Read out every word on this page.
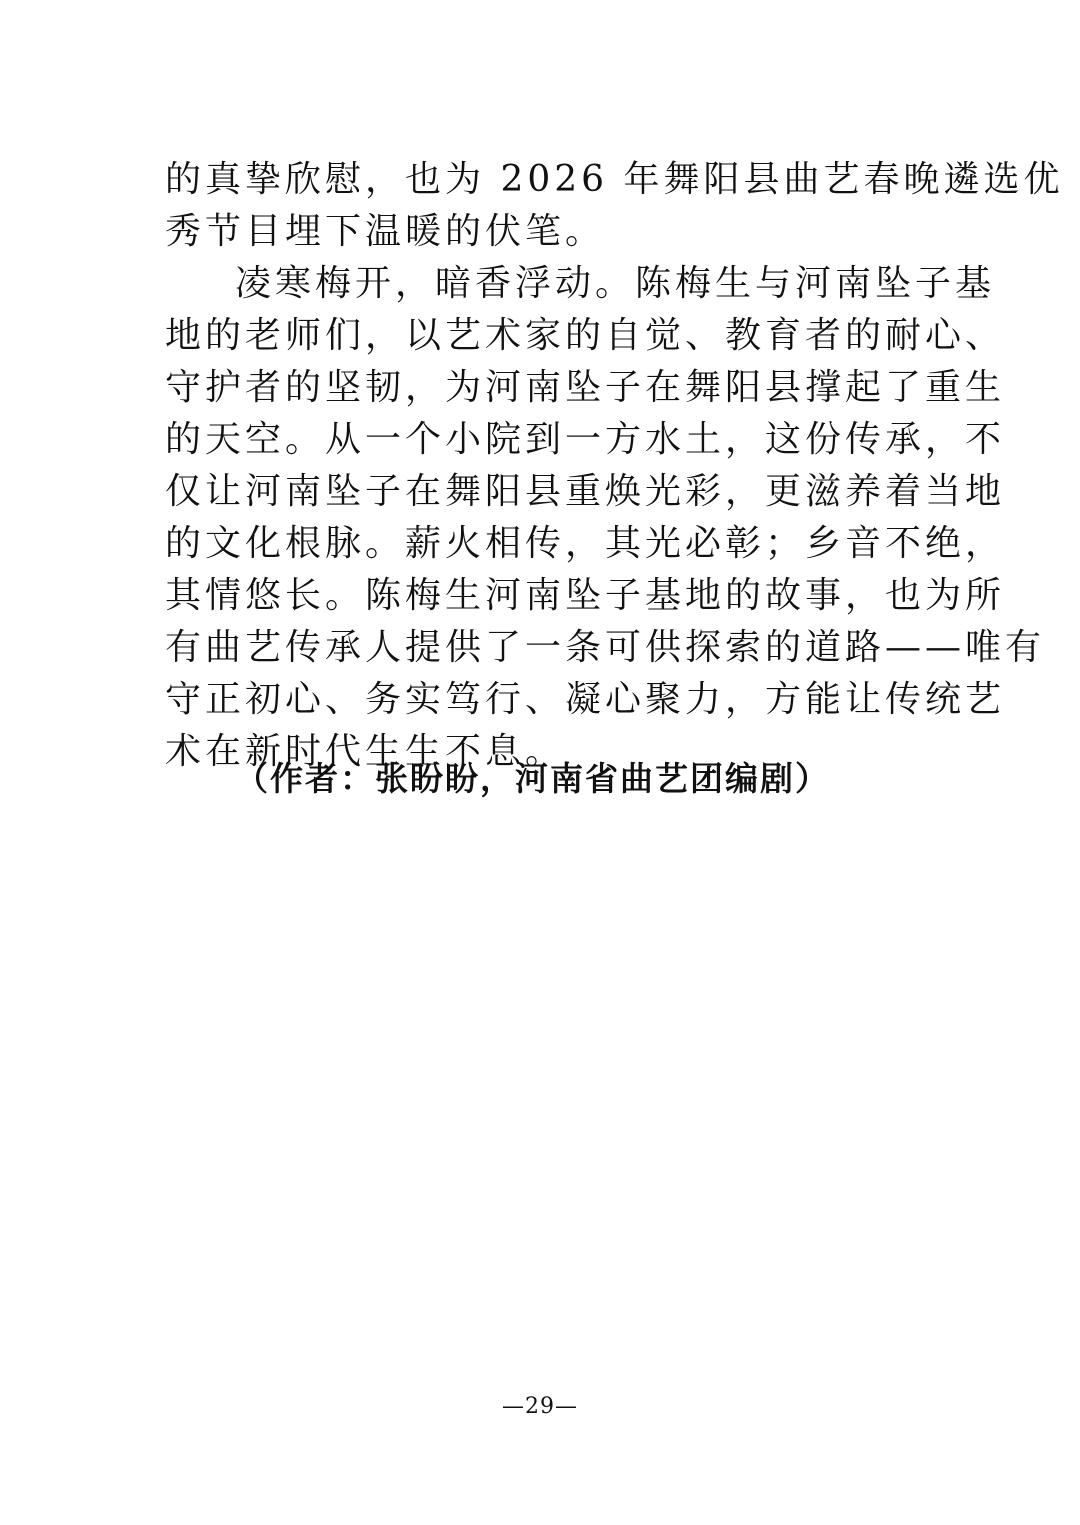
的真挚欣慰，也为 2026 年舞阳县曲艺春晚遴选优
秀节目埋下温暖的伏笔。
凌寒梅开，暗香浮动。陈梅生与河南坠子基
地的老师们，以艺术家的自觉、教育者的耐心、
守护者的坚韧，为河南坠子在舞阳县撑起了重生
的天空。从一个小院到一方水土，这份传承，不
仅让河南坠子在舞阳县重焕光彩，更滋养着当地
的文化根脉。薪火相传，其光必彰；乡音不绝，
其情悠长。陈梅生河南坠子基地的故事，也为所
有曲艺传承人提供了一条可供探索的道路——唯有
守正初心、务实笃行、凝心聚力，方能让传统艺
术在新时代生生不息。
（作者：张盼盼，河南省曲艺团编剧）
—29—
